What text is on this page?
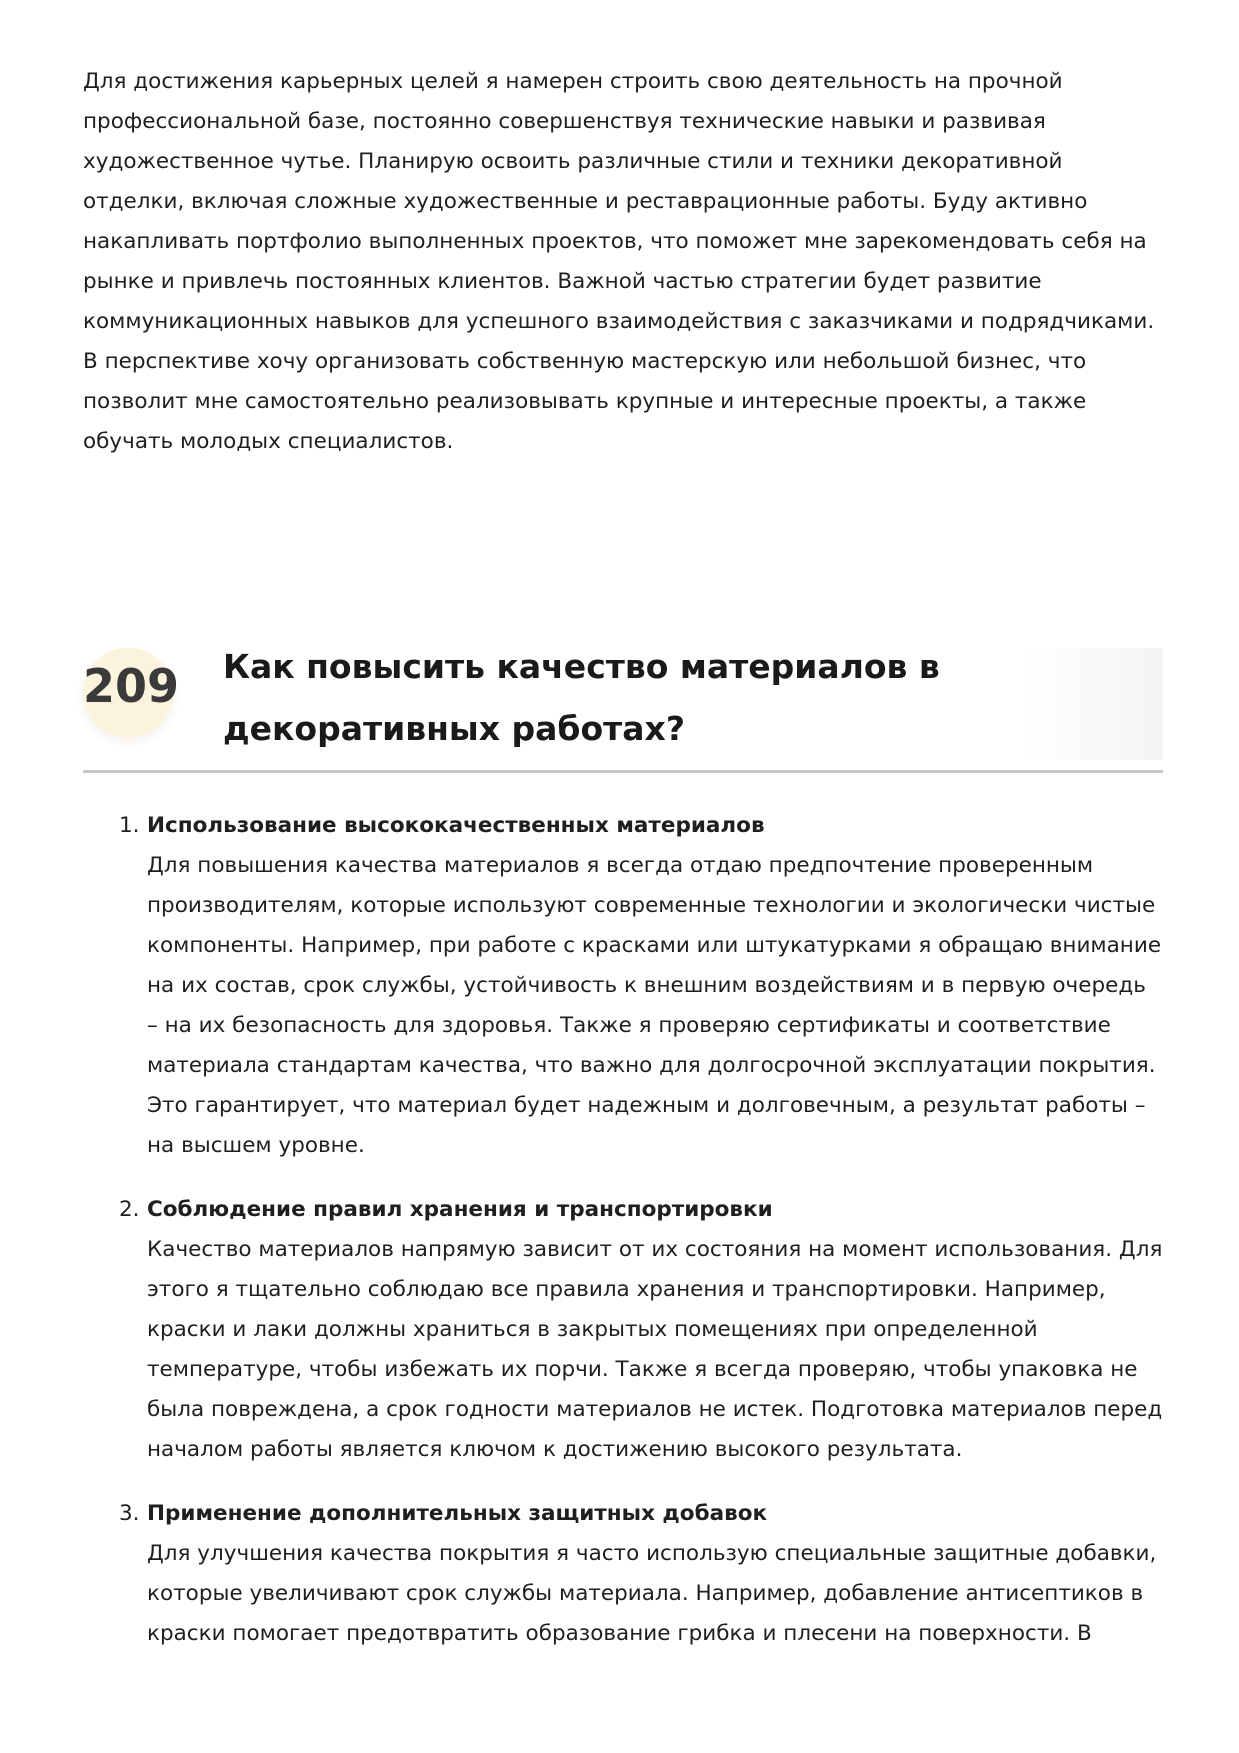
Для достижения карьерных целей я намерен строить свою деятельность на прочной профессиональной базе, постоянно совершенствуя технические навыки и развивая художественное чутье. Планирую освоить различные стили и техники декоративной отделки, включая сложные художественные и реставрационные работы. Буду активно накапливать портфолио выполненных проектов, что поможет мне зарекомендовать себя на рынке и привлечь постоянных клиентов. Важной частью стратегии будет развитие коммуникационных навыков для успешного взаимодействия с заказчиками и подрядчиками. В перспективе хочу организовать собственную мастерскую или небольшой бизнес, что позволит мне самостоятельно реализовывать крупные и интересные проекты, а также обучать молодых специалистов.

209 Как повысить качество материалов в декоративных работах?
1. Использование высококачественных материалов

Для повышения качества материалов я всегда отдаю предпочтение проверенным производителям, которые используют современные технологии и экологически чистые компоненты. Например, при работе с красками или штукатурками я обращаю внимание на их состав, срок службы, устойчивость к внешним воздействиям и в первую очередь – на их безопасность для здоровья. Также я проверяю сертификаты и соответствие материала стандартам качества, что важно для долгосрочной эксплуатации покрытия. Это гарантирует, что материал будет надежным и долговечным, а результат работы – на высшем уровне.

2. Соблюдение правил хранения и транспортировки

Качество материалов напрямую зависит от их состояния на момент использования. Для этого я тщательно соблюдаю все правила хранения и транспортировки. Например, краски и лаки должны храниться в закрытых помещениях при определенной температуре, чтобы избежать их порчи. Также я всегда проверяю, чтобы упаковка не была повреждена, а срок годности материалов не истек. Подготовка материалов перед началом работы является ключом к достижению высокого результата.

3. Применение дополнительных защитных добавок

Для улучшения качества покрытия я часто использую специальные защитные добавки, которые увеличивают срок службы материала. Например, добавление антисептиков в краски помогает предотвратить образование грибка и плесени на поверхности. В
